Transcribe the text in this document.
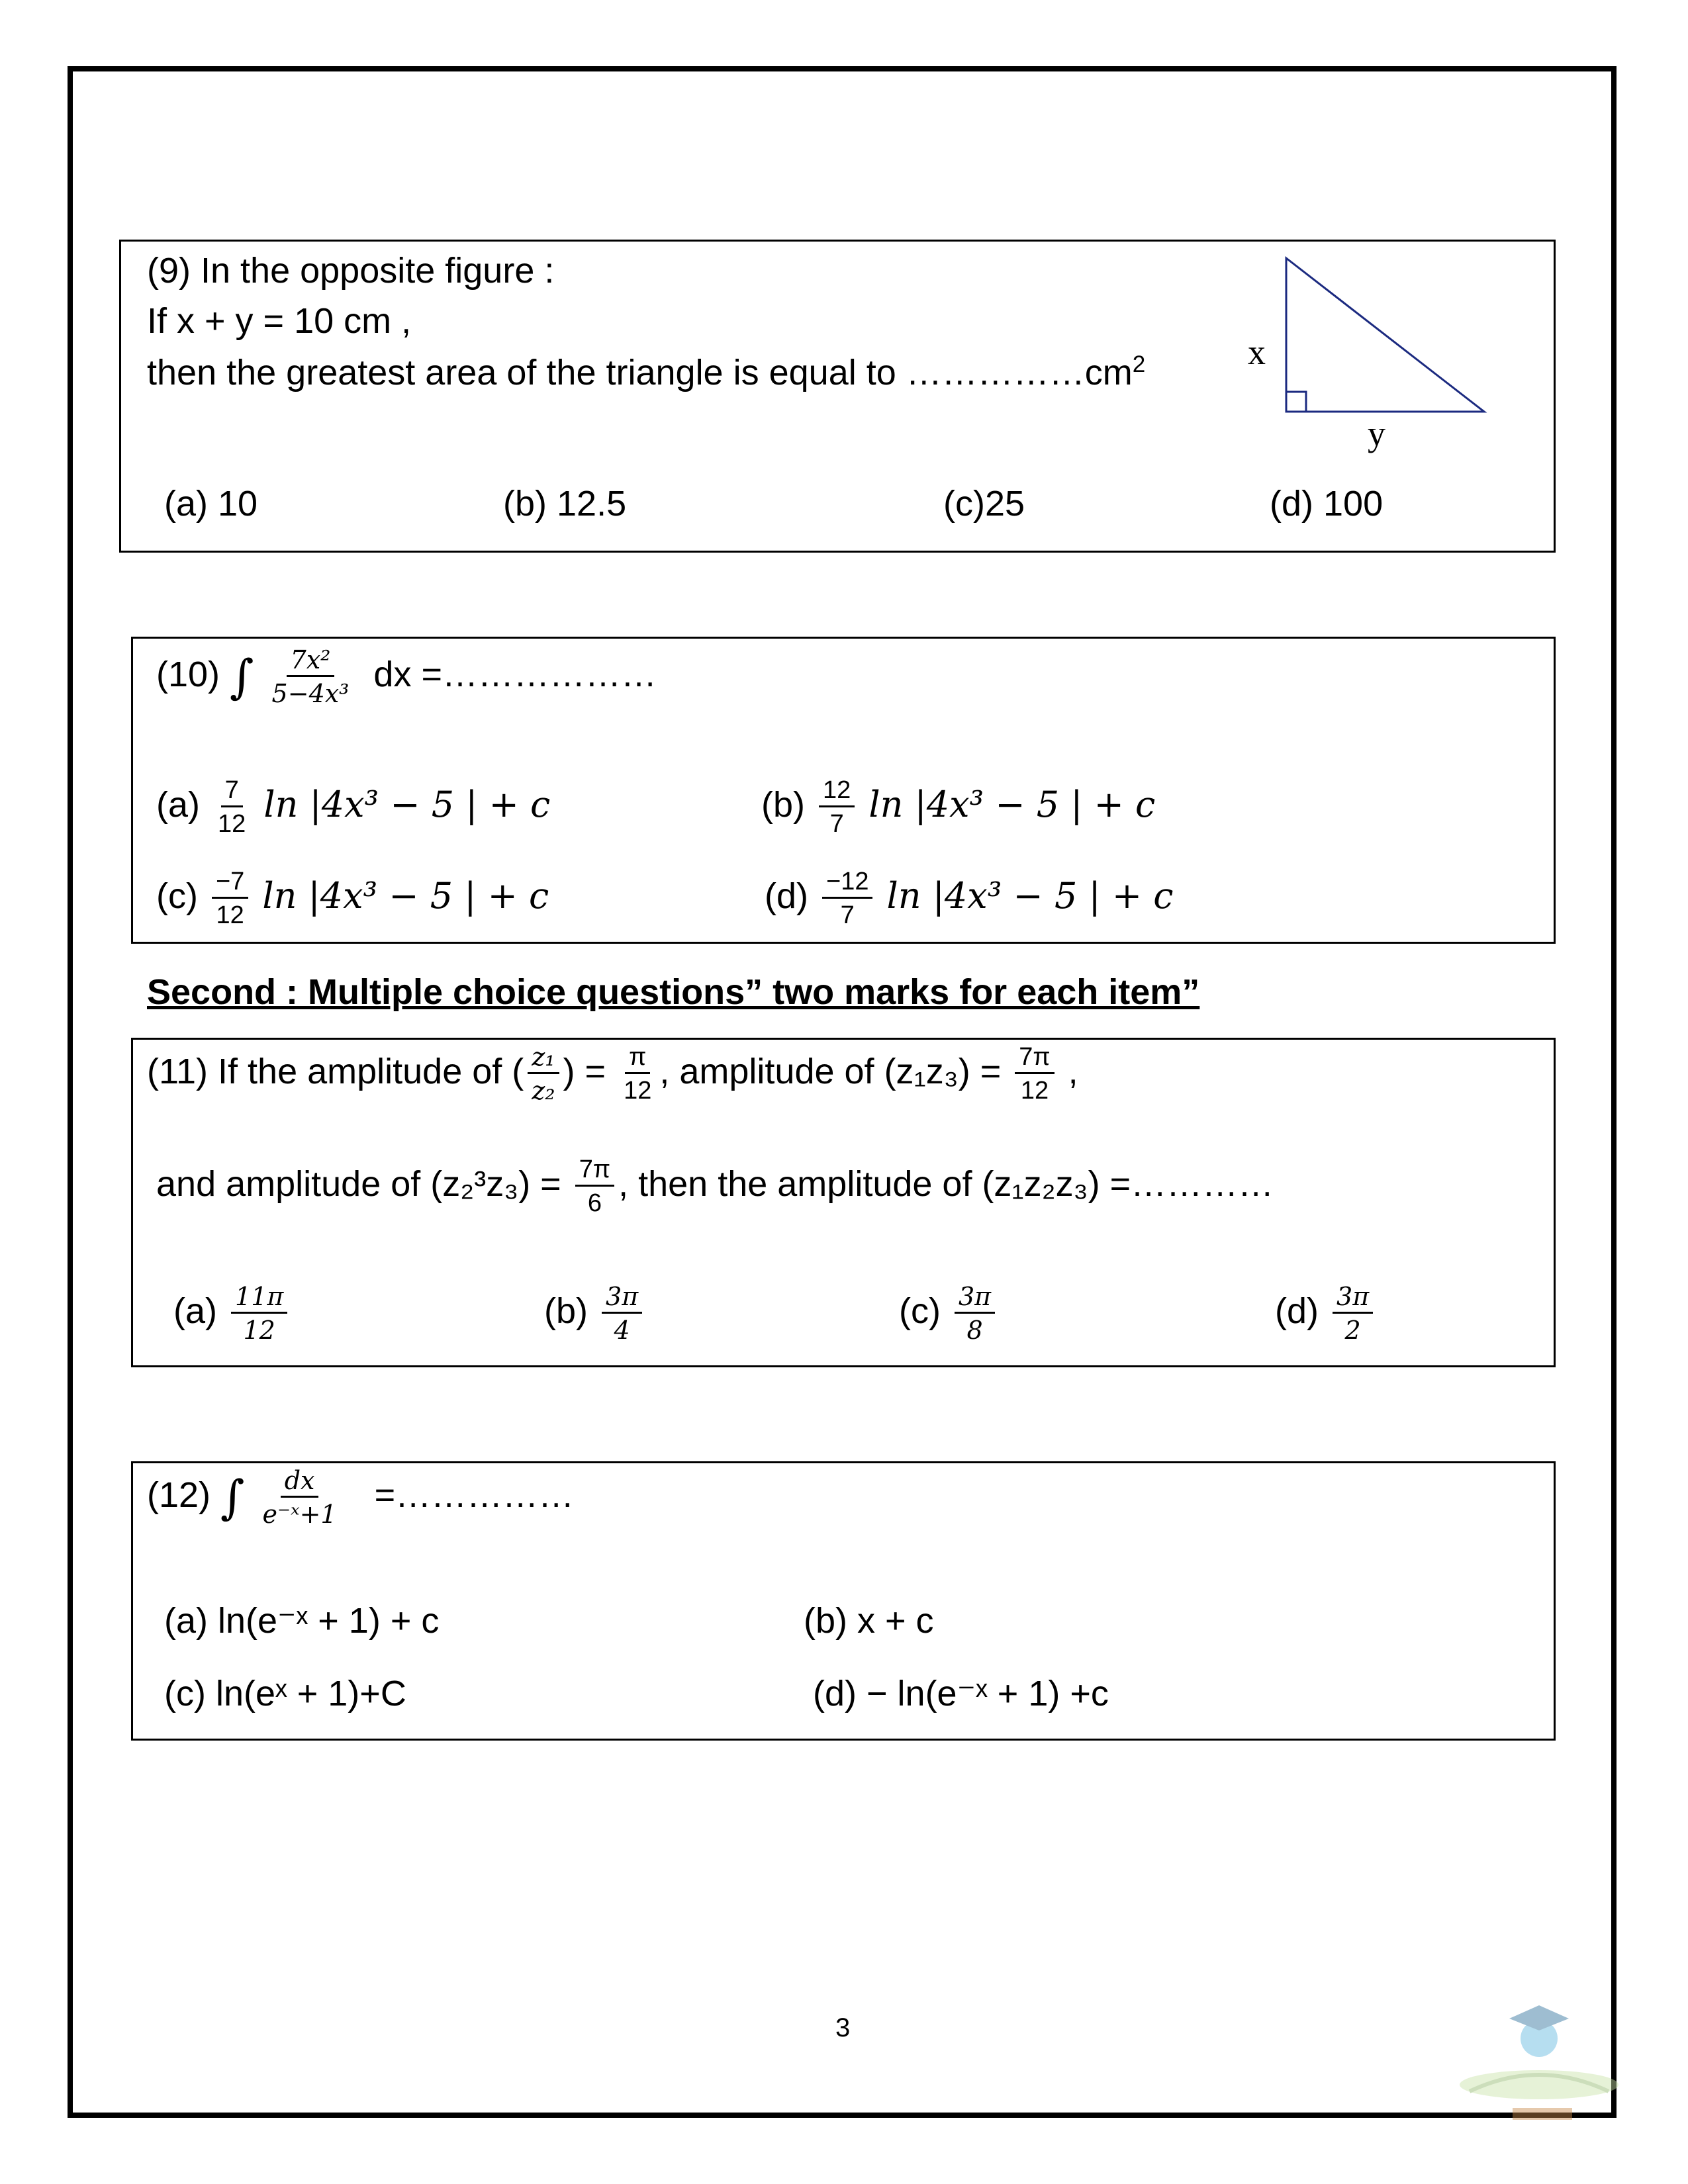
(9) In the opposite figure :
If x + y = 10 cm ,
then the greatest area of the triangle is equal to $\dots\dots\dots\dots\dots cm^2$	x
y
(a) 10	(b) 12.5	(c)25	(d) 100
(10) ∫ $\frac{\text{7x²}}{\text{5−4x³}}$ dx =………………
$(a) \frac{7}{12}$ ln |4x³ − 5 | + c	$(b) \frac{12}{7}$ ln |4x³ − 5 | + c
$(c) \frac{-7}{12}$ ln |4x³ − 5 | + c	$(d) \frac{-12}{7}$ ln |4x³ − 5 | + c
Second : Multiple choice questions” two marks for each item”
(11) If the amplitude of ( $\frac{\text{z₁}}{\text{z₂}}$ ) = $\frac{\pi}{12}$ , amplitude of $(z_1z_3) = \frac{7\pi}{12}$ ,
and amplitude of $(z_2^3z_3) = \frac{7\pi}{6}$ , then the amplitude of (z₁z₂z₃) =…………
$(a) \frac{11\pi}{12}$	$(b) \frac{3\pi}{4}$	$(c) \frac{3\pi}{8}$	$(d) \frac{3\pi}{2}$
(12) ∫ $\frac{dx}{\text{e⁻ˣ+1}}$ =……………
(a) ln(e⁻ˣ + 1) + c	(b) x + c
(c) ln(eˣ + 1)+C	(d) − ln(e⁻ˣ + 1) +c
3
